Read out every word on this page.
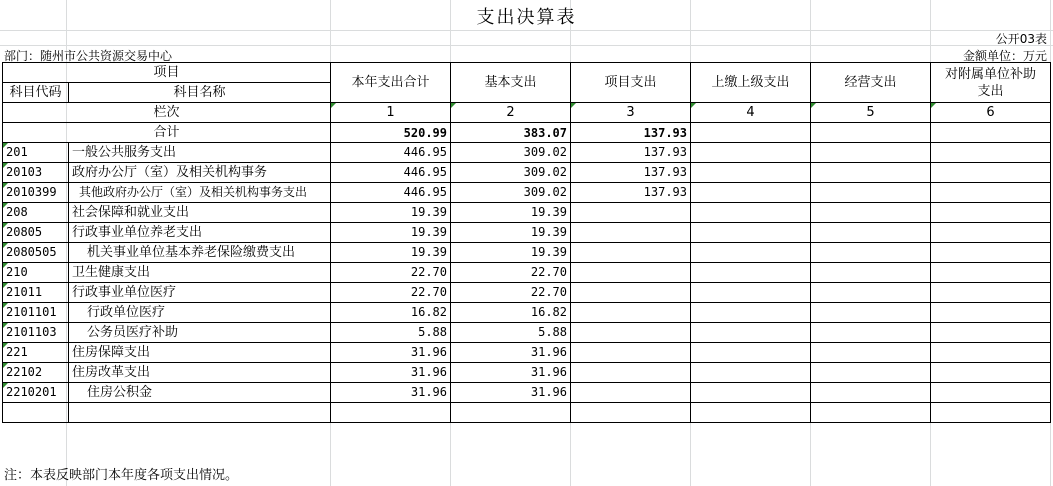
支出决算表
公开03表
部门：随州市公共资源交易中心	金额单位：万元
项目		本年支出合计	基本支出	项目支出	上缴上级支出	经营支出	对附属单位补助
支出
科目代码	科目名称						

栏次		1	2	3	4	5	6
合计		520.99	383.07	137.93			
201	一般公共服务支出	446.95	309.02	137.93			
20103	政府办公厅（室）及相关机构事务	446.95	309.02	137.93			
2010399	其他政府办公厅（室）及相关机构事务支出	446.95	309.02	137.93			
208	社会保障和就业支出	19.39	19.39				
20805	行政事业单位养老支出	19.39	19.39				
2080505	机关事业单位基本养老保险缴费支出	19.39	19.39				
210	卫生健康支出	22.70	22.70				
21011	行政事业单位医疗	22.70	22.70				
2101101	行政单位医疗	16.82	16.82				
2101103	公务员医疗补助	5.88	5.88				
221	住房保障支出	31.96	31.96				
22102	住房改革支出	31.96	31.96				
2210201	住房公积金	31.96	31.96				

注：本表反映部门本年度各项支出情况。
